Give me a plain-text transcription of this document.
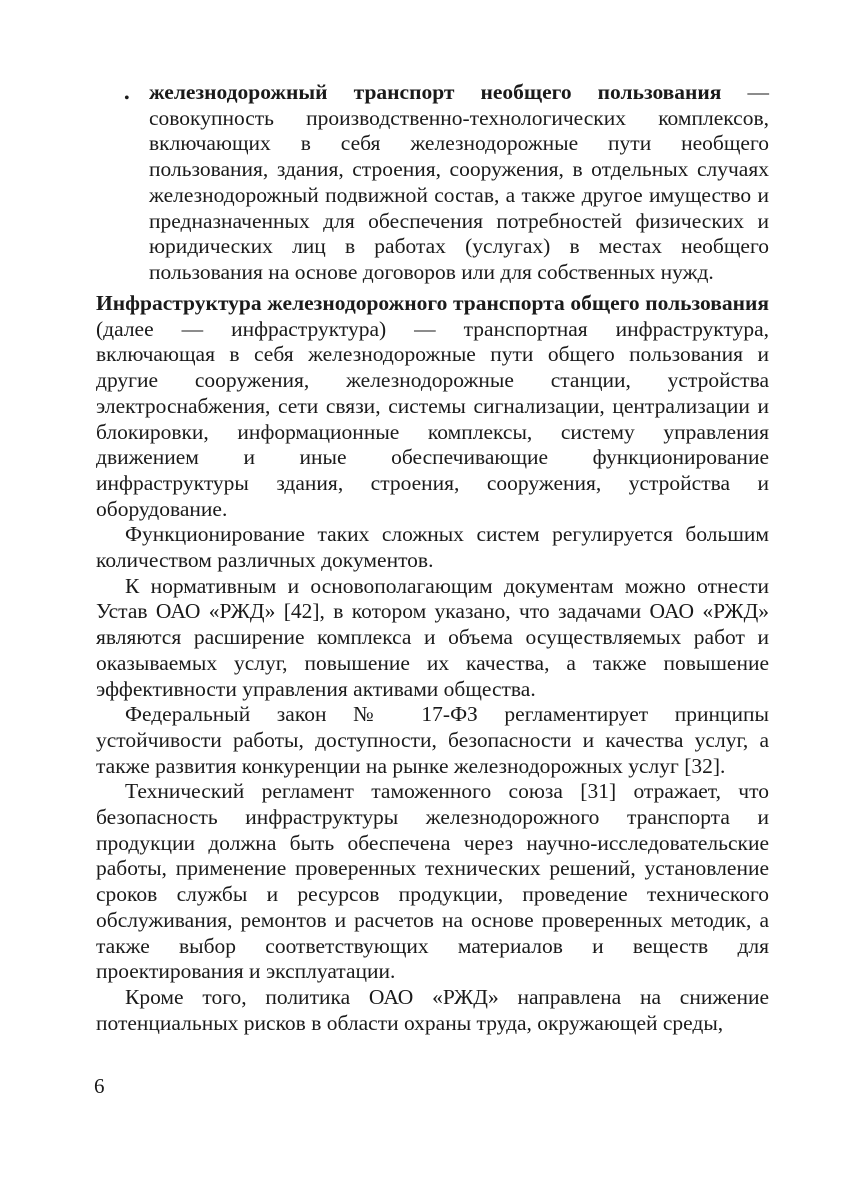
• железнодорожный транспорт необщего пользования — совокупность производственно-технологических комплексов, включающих в себя железнодорожные пути необщего пользования, здания, строения, сооружения, в отдельных случаях железнодорожный подвижной состав, а также другое имущество и предназначенных для обеспечения потребностей физических и юридических лиц в работах (услугах) в местах необщего пользования на основе договоров или для собственных нужд.

Инфраструктура железнодорожного транспорта общего пользования (далее — инфраструктура) — транспортная инфраструктура, включающая в себя железнодорожные пути общего пользования и другие сооружения, железнодорожные станции, устройства электроснабжения, сети связи, системы сигнализации, централизации и блокировки, информационные комплексы, систему управления движением и иные обеспечивающие функционирование инфраструктуры здания, строения, сооружения, устройства и оборудование.

Функционирование таких сложных систем регулируется большим количеством различных документов.

К нормативным и основополагающим документам можно отнести Устав ОАО «РЖД» [42], в котором указано, что задачами ОАО «РЖД» являются расширение комплекса и объема осуществляемых работ и оказываемых услуг, повышение их качества, а также повышение эффективности управления активами общества.

Федеральный закон № 17-ФЗ регламентирует принципы устойчивости работы, доступности, безопасности и качества услуг, а также развития конкуренции на рынке железнодорожных услуг [32].

Технический регламент таможенного союза [31] отражает, что безопасность инфраструктуры железнодорожного транспорта и продукции должна быть обеспечена через научно-исследовательские работы, применение проверенных технических решений, установление сроков службы и ресурсов продукции, проведение технического обслуживания, ремонтов и расчетов на основе проверенных методик, а также выбор соответствующих материалов и веществ для проектирования и эксплуатации.

Кроме того, политика ОАО «РЖД» направлена на снижение потенциальных рисков в области охраны труда, окружающей среды,

6
